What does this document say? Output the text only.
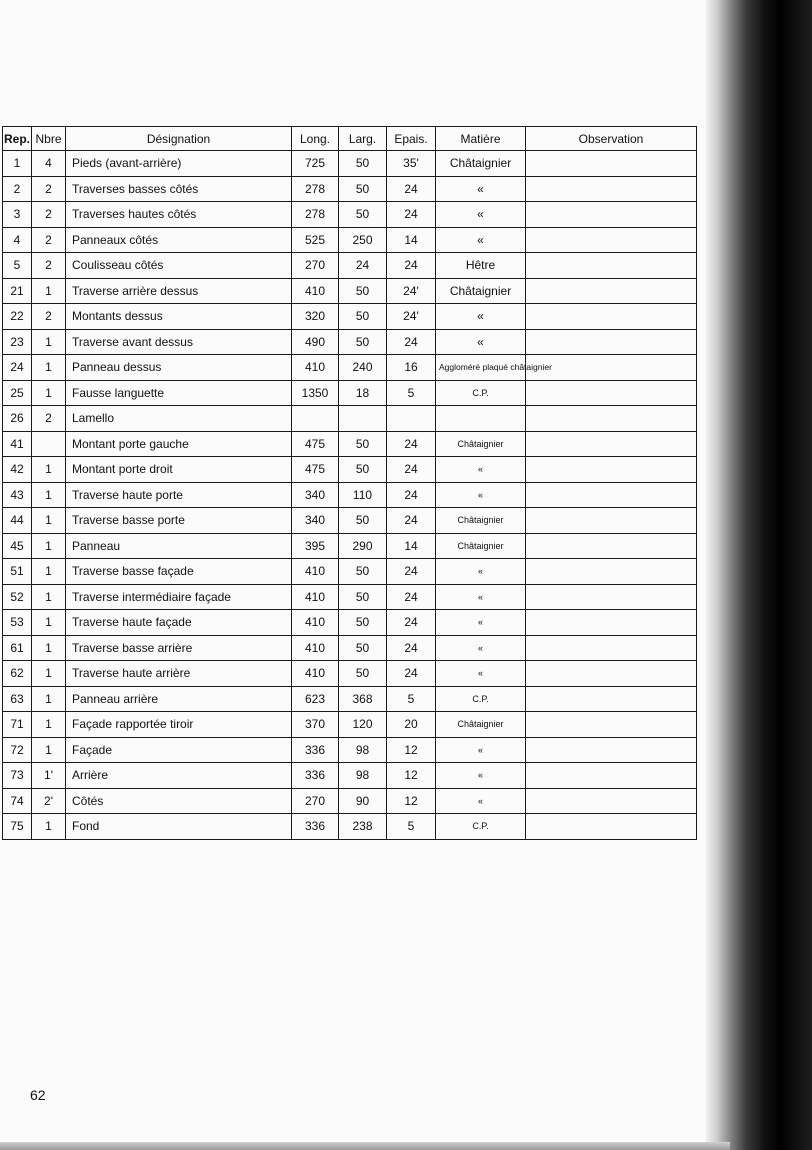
Rep.	Nbre	Désignation	Long.	Larg.	Epais.	Matière	Observation
1	4	Pieds (avant-arrière)	725	50	35'	Châtaignier	
2	2	Traverses basses côtés	278	50	24	«	
3	2	Traverses hautes côtés	278	50	24	«	
4	2	Panneaux côtés	525	250	14	«	
5	2	Coulisseau côtés	270	24	24	Hêtre	
21	1	Traverse arrière dessus	410	50	24'	Châtaignier	
22	2	Montants dessus	320	50	24'	«	
23	1	Traverse avant dessus	490	50	24	«	
24	1	Panneau dessus	410	240	16	Aggloméré plaqué châtaignier	
25	1	Fausse languette	1350	18	5	C.P.	
26	2	Lamello					
41		Montant porte gauche	475	50	24	Châtaignier	
42	1	Montant porte droit	475	50	24	«	
43	1	Traverse haute porte	340	110	24	«	
44	1	Traverse basse porte	340	50	24	Châtaignier	
45	1	Panneau	395	290	14	Châtaignier	
51	1	Traverse basse façade	410	50	24	«	
52	1	Traverse intermédiaire façade	410	50	24	«	
53	1	Traverse haute façade	410	50	24	«	
61	1	Traverse basse arrière	410	50	24	«	
62	1	Traverse haute arrière	410	50	24	«	
63	1	Panneau arrière	623	368	5	C.P.	
71	1	Façade rapportée tiroir	370	120	20	Châtaignier	
72	1	Façade	336	98	12	«	
73	1'	Arrière	336	98	12	«	
74	2'	Côtés	270	90	12	«	
75	1	Fond	336	238	5	C.P.	
62
